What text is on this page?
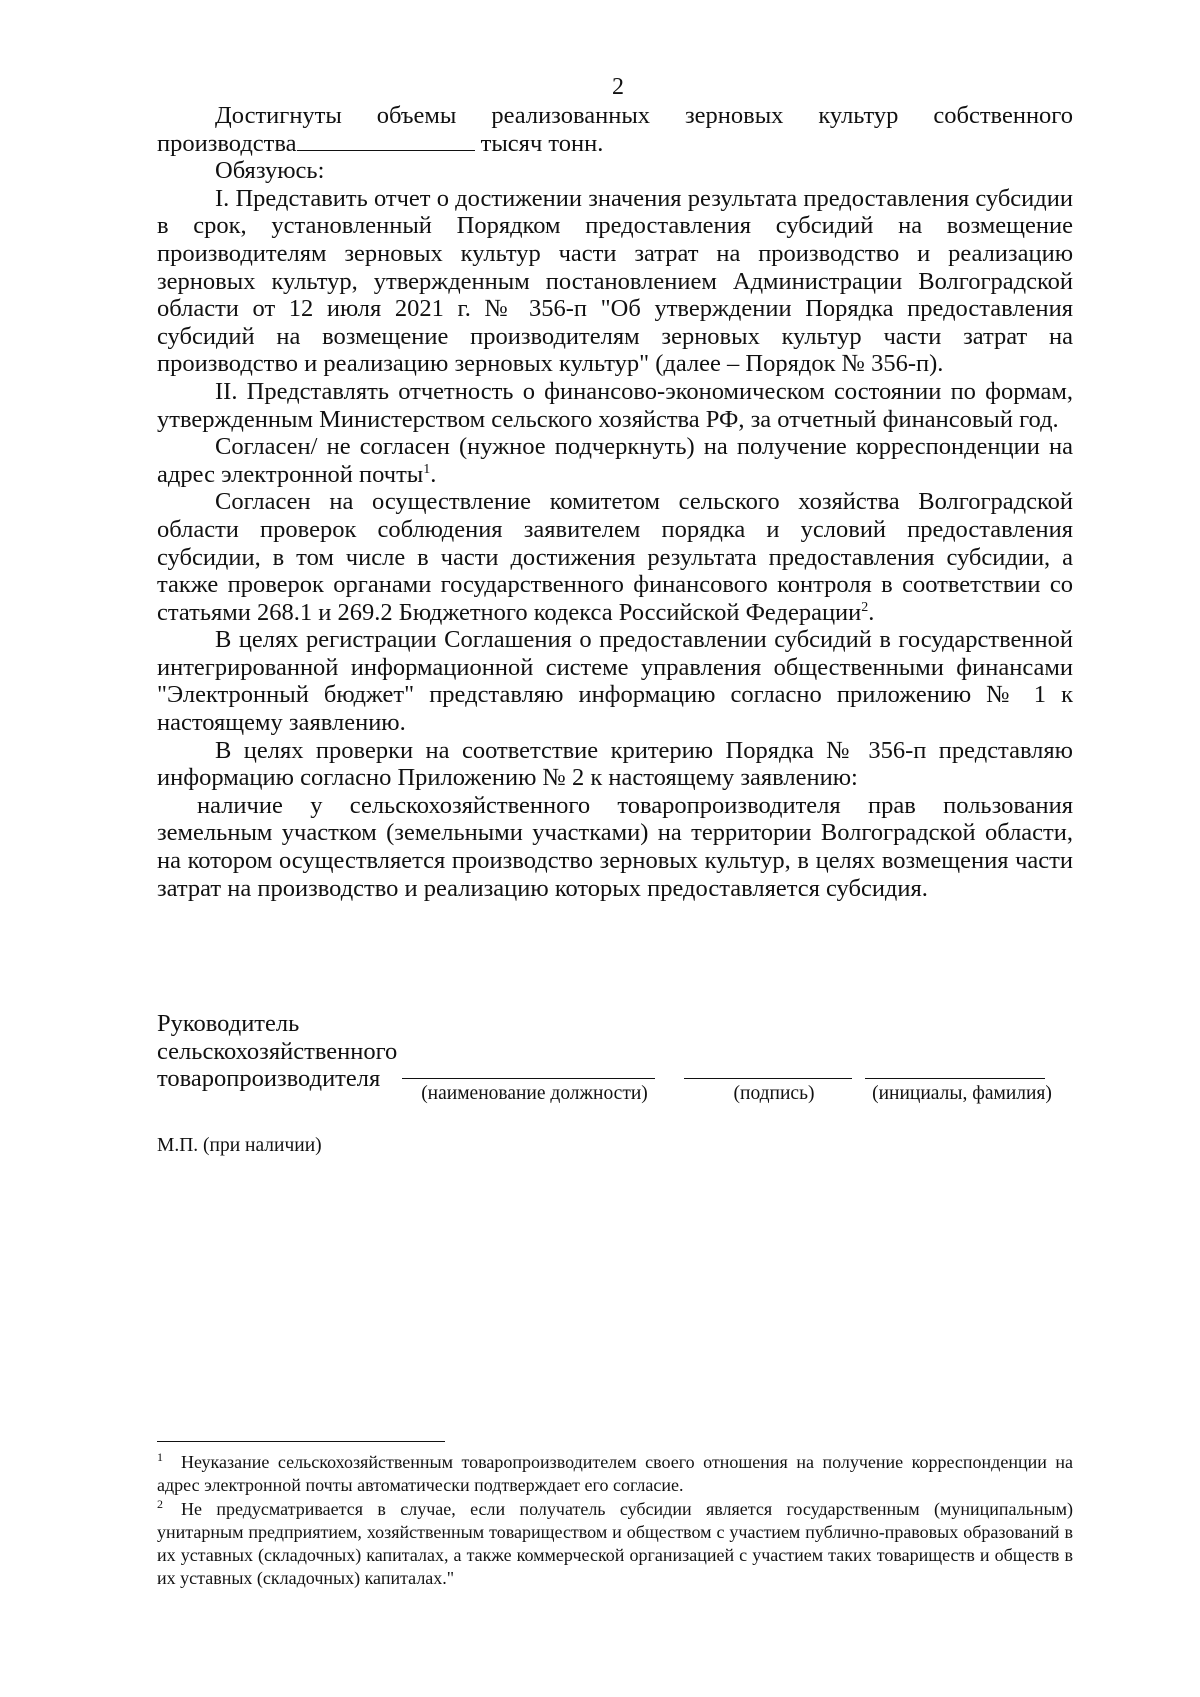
2

Достигнуты объемы реализованных зерновых культур собственного производства	тысяч тонн.

Обязуюсь:

I. Представить отчет о достижении значения результата предоставления субсидии в срок, установленный Порядком предоставления субсидий на возмещение производителям зерновых культур части затрат на производство и реализацию зерновых культур, утвержденным постановлением Администрации Волгоградской области от 12 июля 2021 г. № 356-п "Об утверждении Порядка предоставления субсидий на возмещение производителям зерновых культур части затрат на производство и реализацию зерновых культур" (далее – Порядок № 356-п).

II. Представлять отчетность о финансово-экономическом состоянии по формам, утвержденным Министерством сельского хозяйства РФ, за отчетный финансовый год.

Согласен/ не согласен (нужное подчеркнуть) на получение корреспонденции на адрес электронной почты$^1$.

Согласен на осуществление комитетом сельского хозяйства Волгоградской области проверок соблюдения заявителем порядка и условий предоставления субсидии, в том числе в части достижения результата предоставления субсидии, а также проверок органами государственного финансового контроля в соответствии со статьями 268.1 и 269.2 Бюджетного кодекса Российской Федерации$^2$.

В целях регистрации Соглашения о предоставлении субсидий в государственной интегрированной информационной системе управления общественными финансами "Электронный бюджет" представляю информацию согласно приложению № 1 к настоящему заявлению.

В целях проверки на соответствие критерию Порядка № 356-п представляю информацию согласно Приложению № 2 к настоящему заявлению:

наличие у сельскохозяйственного товаропроизводителя прав пользования земельным участком (земельными участками) на территории Волгоградской области, на котором осуществляется производство зерновых культур, в целях возмещения части затрат на производство и реализацию которых предоставляется субсидия.

Руководитель
сельскохозяйственного
товаропроизводителя
(наименование должности)	(подпись)	(инициалы, фамилия)
М.П. (при наличии)

$^1$ Неуказание сельскохозяйственным товаропроизводителем своего отношения на получение корреспонденции на адрес электронной почты автоматически подтверждает его согласие.

$^2$ Не предусматривается в случае, если получатель субсидии является государственным (муниципальным) унитарным предприятием, хозяйственным товариществом и обществом с участием публично-правовых образований в их уставных (складочных) капиталах, а также коммерческой организацией с участием таких товариществ и обществ в их уставных (складочных) капиталах."
